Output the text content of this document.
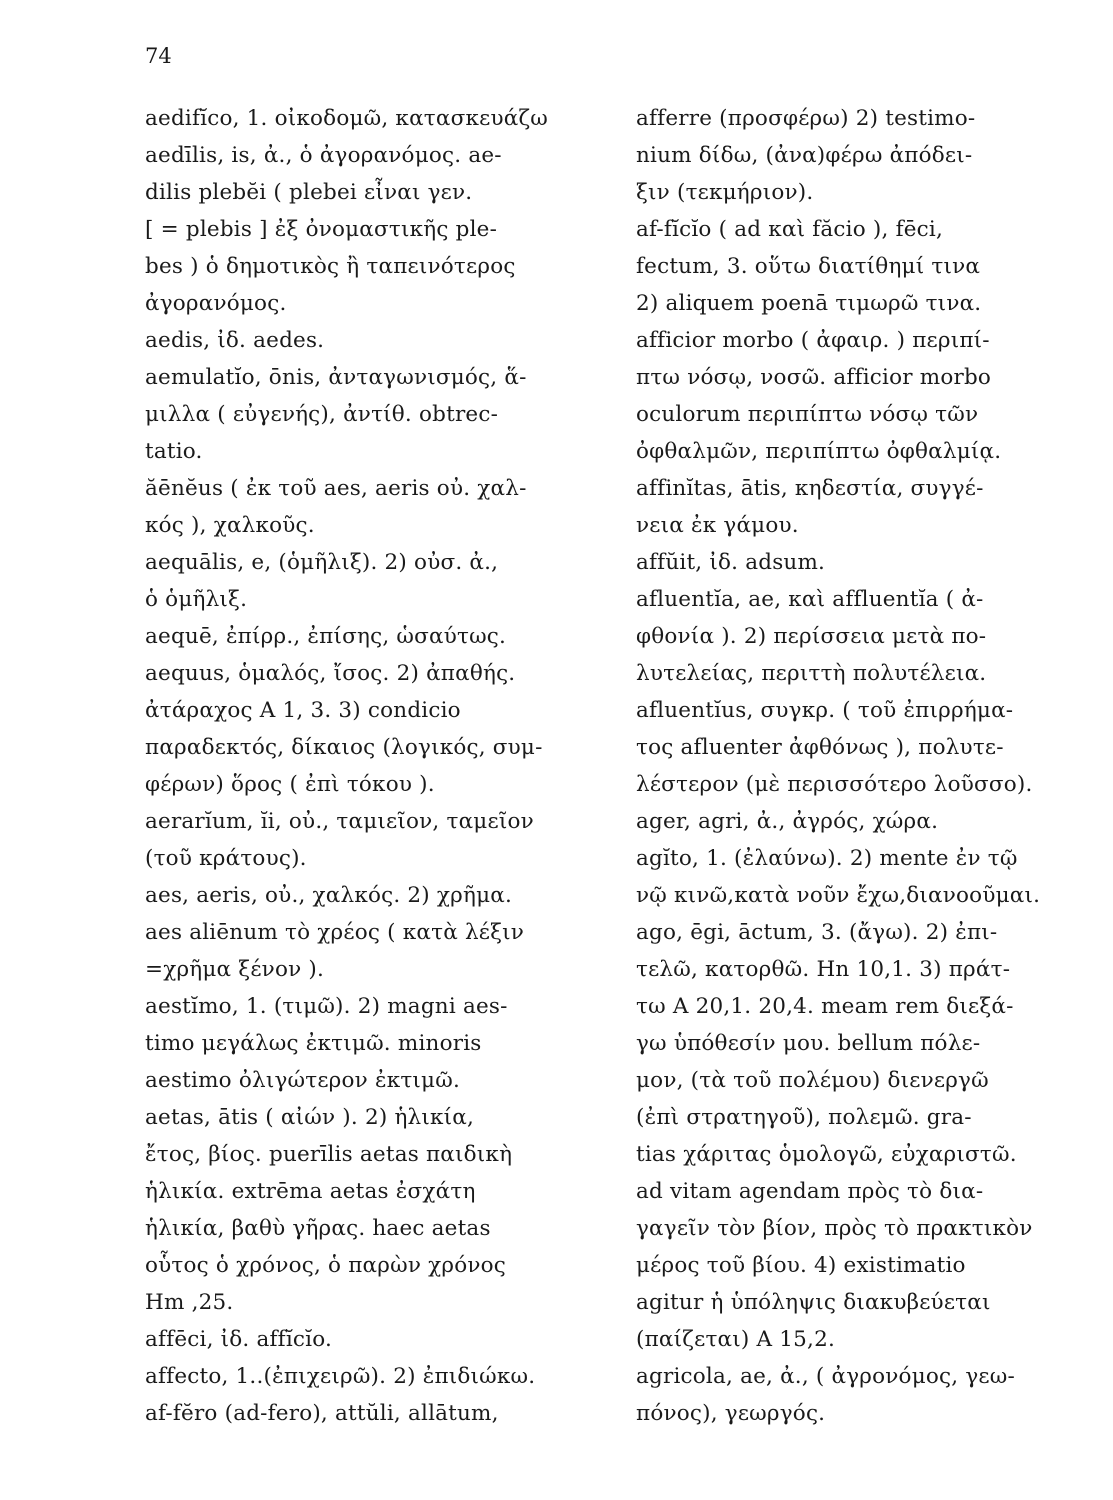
74
aedifĭco, 1. οἰκοδομῶ, κατασκευάζω
aedīlis, is, ἀ., ὁ ἀγορανόμος. ae-
dilis plebĕi ( plebei εἶναι γεν.
[ = plebis ] ἐξ ὀνομαστικῆς ple-
bes ) ὁ δημοτικὸς ἢ ταπεινότερος
ἀγορανόμος.
aedis, ἰδ. aedes.
aemulatĭo, ōnis, ἀνταγωνισμός, ἅ-
μιλλα ( εὐγενής), ἀντίθ. obtrec-
tatio.
ăēnĕus ( ἐκ τοῦ aes, aeris οὐ. χαλ-
κός ), χαλκοῦς.
aequālis, e, (ὁμῆλιξ). 2) οὐσ. ἀ.,
ὁ ὁμῆλιξ.
aequē, ἐπίρρ., ἐπίσης, ὡσαύτως.
aequus, ὁμαλός, ἴσος. 2) ἀπαθής.
ἀτάραχος A 1, 3. 3) condicio
παραδεκτός, δίκαιος (λογικός, συμ-
φέρων) ὅρος ( ἐπὶ τόκου ).
aerarĭum, ĭi, οὐ., ταμιεῖον, ταμεῖον
(τοῦ κράτους).
aes, aeris, οὐ., χαλκός. 2) χρῆμα.
aes aliēnum τὸ χρέος ( κατὰ λέξιν
=χρῆμα ξένον ).
aestĭmo, 1. (τιμῶ). 2) magni aes-
timo μεγάλως ἐκτιμῶ. minoris
aestimo ὀλιγώτερον ἐκτιμῶ.
aetas, ātis ( αἰών ). 2) ἡλικία,
ἔτος, βίος. puerīlis aetas παιδικὴ
ἡλικία. extrēma aetas ἐσχάτη
ἡλικία, βαθὺ γῆρας. haec aetas
οὗτος ὁ χρόνος, ὁ παρὼν χρόνος
Hm ,25.
affēci, ἰδ. affĭcĭo.
affecto, 1..(ἐπιχειρῶ). 2) ἐπιδιώκω.
af-fĕro (ad-fero), attŭli, allātum,
afferre (προσφέρω) 2) testimo-
nium δίδω, (ἀνα)φέρω ἀπόδει-
ξιν (τεκμήριον).
af-fĭcĭo ( ad καὶ făcio ), fēci,
fectum, 3. οὕτω διατίθημί τινα
2) aliquem poenā τιμωρῶ τινα.
afficior morbo ( ἀφαιρ. ) περιπί-
πτω νόσῳ, νοσῶ. afficior morbo
oculorum περιπίπτω νόσῳ τῶν
ὀφθαλμῶν, περιπίπτω ὀφθαλμίᾳ.
affinĭtas, ātis, κηδεστία, συγγέ-
νεια ἐκ γάμου.
affŭit, ἰδ. adsum.
afluentĭa, ae, καὶ affluentĭa ( ἀ-
φθονία ). 2) περίσσεια μετὰ πο-
λυτελείας, περιττὴ πολυτέλεια.
afluentĭus, συγκρ. ( τοῦ ἐπιρρήμα-
τος afluenter ἀφθόνως ), πολυτε-
λέστερον (μὲ περισσότερο λοῦσσο).
ager, agri, ἀ., ἀγρός, χώρα.
agĭto, 1. (ἐλαύνω). 2) mente ἐν τῷ
νῷ κινῶ,κατὰ νοῦν ἔχω,διανοοῦμαι.
ago, ēgi, āctum, 3. (ἄγω). 2) ἐπι-
τελῶ, κατορθῶ. Hn 10,1. 3) πράτ-
τω A 20,1. 20,4. meam rem διεξά-
γω ὑπόθεσίν μου. bellum πόλε-
μον, (τὰ τοῦ πολέμου) διενεργῶ
(ἐπὶ στρατηγοῦ), πολεμῶ. gra-
tias χάριτας ὁμολογῶ, εὐχαριστῶ.
ad vitam agendam πρὸς τὸ δια-
γαγεῖν τὸν βίον, πρὸς τὸ πρακτικὸν
μέρος τοῦ βίου. 4) existimatio
agitur ἡ ὑπόληψις διακυβεύεται
(παίζεται) A 15,2.
agricola, ae, ἀ., ( ἀγρονόμος, γεω-
πόνος), γεωργός.
